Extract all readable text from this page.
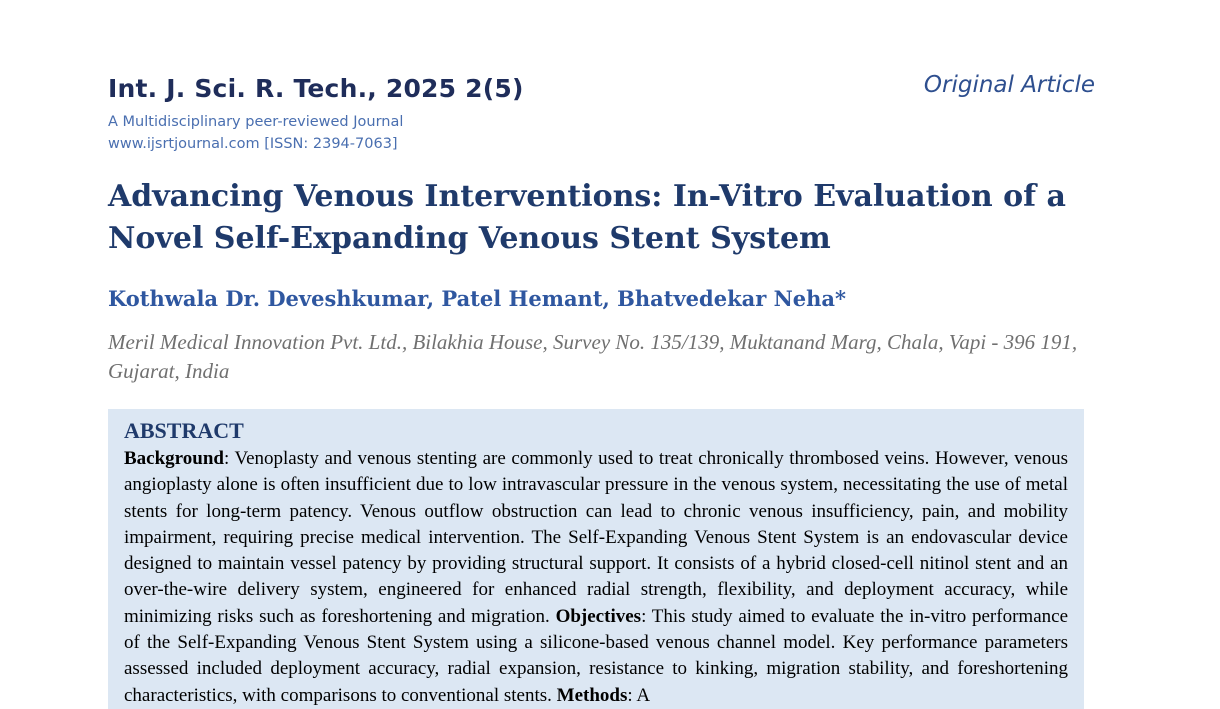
Int. J. Sci. R. Tech., 2025 2(5)	Original Article
A Multidisciplinary peer-reviewed Journal
www.ijsrtjournal.com [ISSN: 2394-7063]
Advancing Venous Interventions: In-Vitro Evaluation of a Novel Self-Expanding Venous Stent System
Kothwala Dr. Deveshkumar, Patel Hemant, Bhatvedekar Neha*
Meril Medical Innovation Pvt. Ltd., Bilakhia House, Survey No. 135/139, Muktanand Marg, Chala, Vapi - 396 191, Gujarat, India
ABSTRACT
Background: Venoplasty and venous stenting are commonly used to treat chronically thrombosed veins. However, venous angioplasty alone is often insufficient due to low intravascular pressure in the venous system, necessitating the use of metal stents for long-term patency. Venous outflow obstruction can lead to chronic venous insufficiency, pain, and mobility impairment, requiring precise medical intervention. The Self-Expanding Venous Stent System is an endovascular device designed to maintain vessel patency by providing structural support. It consists of a hybrid closed-cell nitinol stent and an over-the-wire delivery system, engineered for enhanced radial strength, flexibility, and deployment accuracy, while minimizing risks such as foreshortening and migration. Objectives: This study aimed to evaluate the in-vitro performance of the Self-Expanding Venous Stent System using a silicone-based venous channel model. Key performance parameters assessed included deployment accuracy, radial expansion, resistance to kinking, migration stability, and foreshortening characteristics, with comparisons to conventional stents. Methods: A
